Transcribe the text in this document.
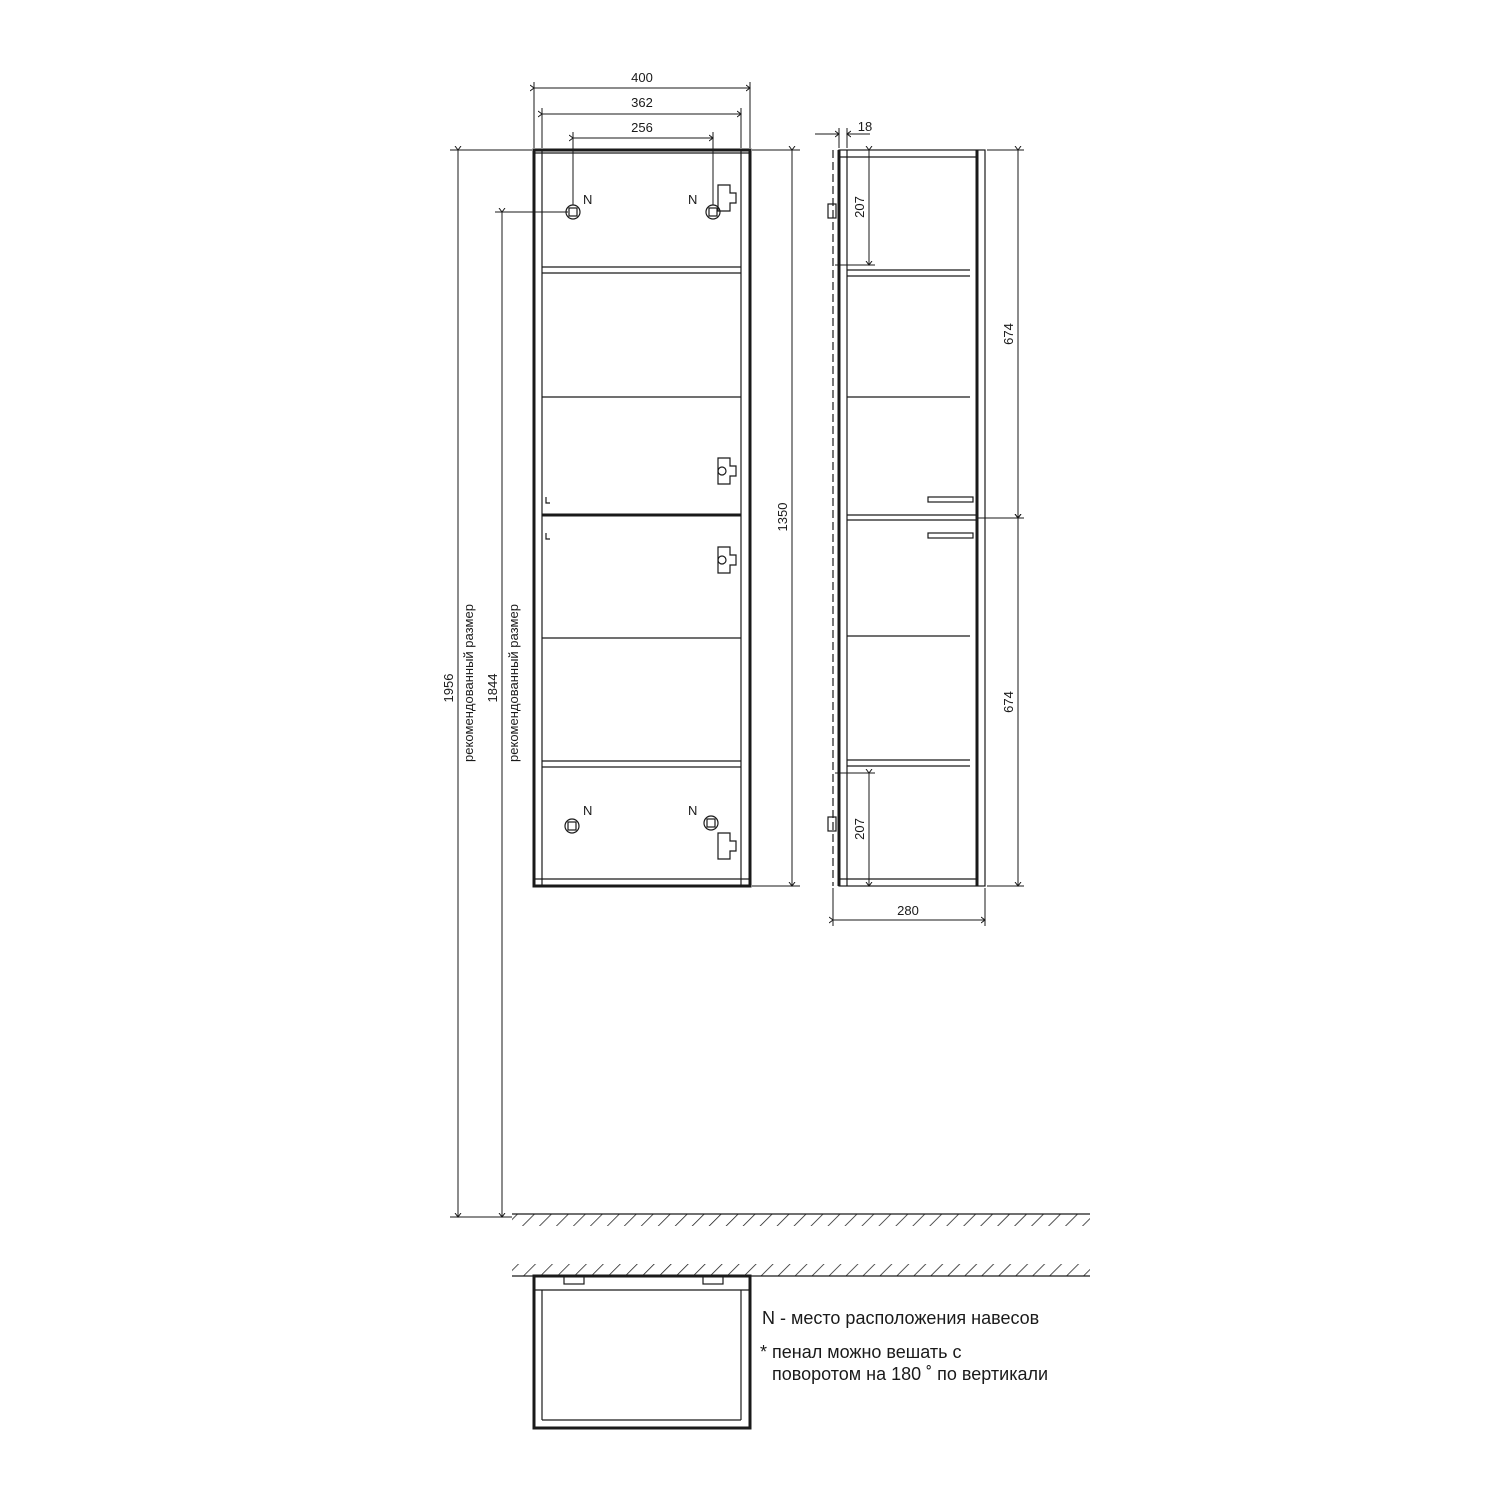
N	N
N	N
400
362
256
1350
1956 рекомендованный размер 1844 рекомендованный размер
18
207
207
674
674
280
N - место расположения навесов
* пенал можно вешать с
поворотом на 180 ˚ по вертикали
